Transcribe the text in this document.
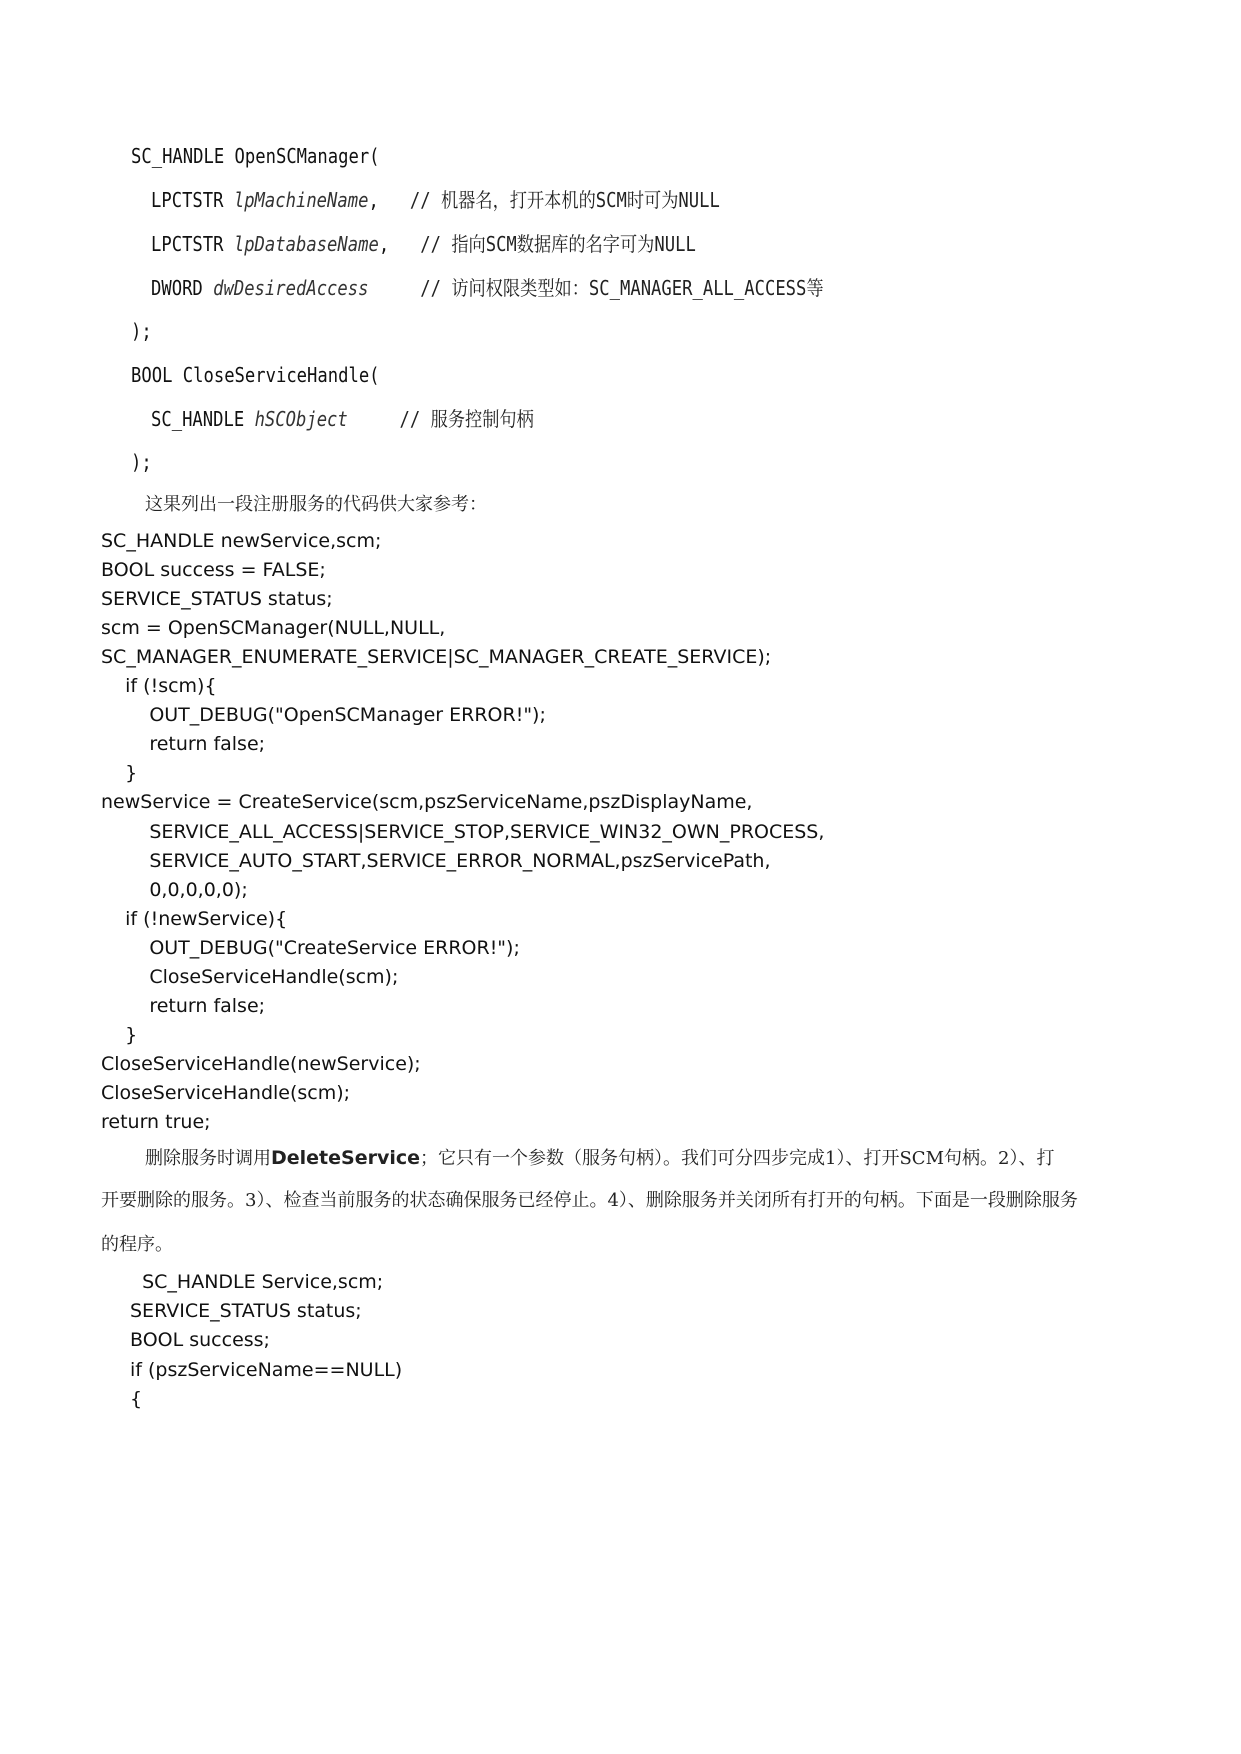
SC_HANDLE OpenSCManager(
LPCTSTR lpMachineName,   // 机器名，打开本机的SCM时可为NULL
LPCTSTR lpDatabaseName,   // 指向SCM数据库的名字可为NULL
DWORD dwDesiredAccess	// 访问权限类型如：SC_MANAGER_ALL_ACCESS等
);
BOOL CloseServiceHandle(
SC_HANDLE hSCObject	// 服务控制句柄
);
这果列出一段注册服务的代码供大家参考：
SC_HANDLE newService,scm;
BOOL success = FALSE;
SERVICE_STATUS status;
scm = OpenSCManager(NULL,NULL,
SC_MANAGER_ENUMERATE_SERVICE|SC_MANAGER_CREATE_SERVICE);
if (!scm){
OUT_DEBUG("OpenSCManager ERROR!");
return false;
}
newService = CreateService(scm,pszServiceName,pszDisplayName,
SERVICE_ALL_ACCESS|SERVICE_STOP,SERVICE_WIN32_OWN_PROCESS,
SERVICE_AUTO_START,SERVICE_ERROR_NORMAL,pszServicePath,
0,0,0,0,0);
if (!newService){
OUT_DEBUG("CreateService ERROR!");
CloseServiceHandle(scm);
return false;
}
CloseServiceHandle(newService);
CloseServiceHandle(scm);
return true;
删除服务时调用DeleteService；它只有一个参数（服务句柄）。我们可分四步完成1）、打开SCM句柄。2）、打
开要删除的服务。3）、检查当前服务的状态确保服务已经停止。4）、删除服务并关闭所有打开的句柄。下面是一段删除服务
的程序。
SC_HANDLE Service,scm;
SERVICE_STATUS status;
BOOL success;
if (pszServiceName==NULL)
{
